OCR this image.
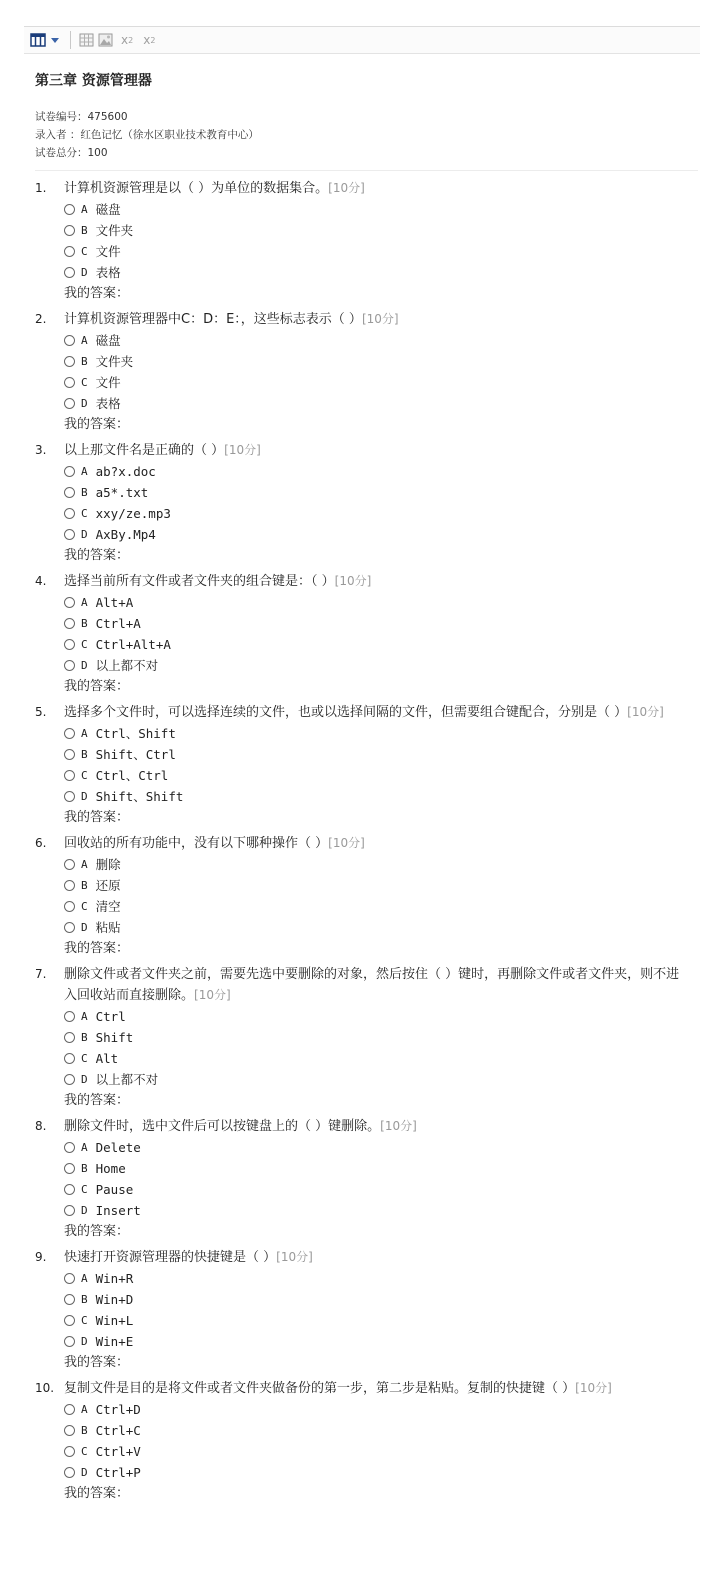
x 2 x 2
第三章 资源管理器
试卷编号：475600
录入者 ：红色记忆（徐水区职业技术教育中心）
试卷总分：100
1. 计算机资源管理是以（ ）为单位的数据集合。[10分]
A 磁盘
B 文件夹
C 文件
D 表格
我的答案：
2. 计算机资源管理器中C：D：E：，这些标志表示（ ）[10分]
A 磁盘
B 文件夹
C 文件
D 表格
我的答案：
3. 以上那文件名是正确的（ ）[10分]
A ab?x.doc
B a5*.txt
C xxy/ze.mp3
D AxBy.Mp4
我的答案：
4. 选择当前所有文件或者文件夹的组合键是：（ ）[10分]
A Alt+A
B Ctrl+A
C Ctrl+Alt+A
D 以上都不对
我的答案：
5. 选择多个文件时，可以选择连续的文件，也或以选择间隔的文件，但需要组合键配合，分别是（ ）[10分]
A Ctrl、Shift
B Shift、Ctrl
C Ctrl、Ctrl
D Shift、Shift
我的答案：
6. 回收站的所有功能中，没有以下哪种操作（ ）[10分]
A 删除
B 还原
C 清空
D 粘贴
我的答案：
7. 删除文件或者文件夹之前，需要先选中要删除的对象，然后按住（ ）键时，再删除文件或者文件夹，则不进入回收站而直接删除。[10分]
A Ctrl
B Shift
C Alt
D 以上都不对
我的答案：
8. 删除文件时，选中文件后可以按键盘上的（ ）键删除。[10分]
A Delete
B Home
C Pause
D Insert
我的答案：
9. 快速打开资源管理器的快捷键是（ ）[10分]
A Win+R
B Win+D
C Win+L
D Win+E
我的答案：
10. 复制文件是目的是将文件或者文件夹做备份的第一步，第二步是粘贴。复制的快捷键（ ）[10分]
A Ctrl+D
B Ctrl+C
C Ctrl+V
D Ctrl+P
我的答案：
